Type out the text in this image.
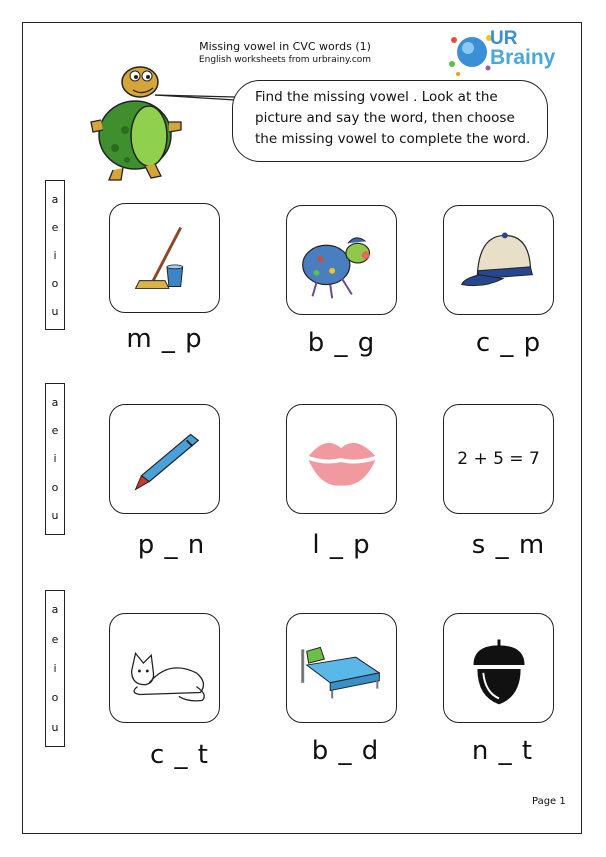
Missing vowel in CVC words (1)
English worksheets from urbrainy.com
UR
Brainy
Find the missing vowel . Look at the picture and say the word, then choose the missing vowel to complete the word.
a
e
i
o
u
m _ p	b _ g	c _ p
a
e
i
o
u
2 + 5 = 7
p _ n	l _ p	s _ m
a
e
i
o
u
c _ t	b _ d	n _ t
Page 1
